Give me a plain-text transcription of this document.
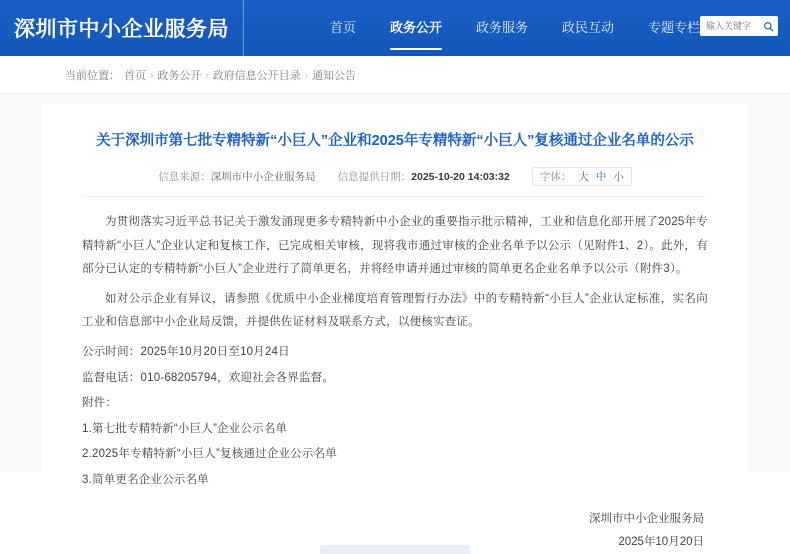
深圳市中小企业服务局	首页	政务公开	政务服务	政民互动	专题专栏
输入关键字
当前位置： 首页 › 政务公开 › 政府信息公开目录 › 通知公告
关于深圳市第七批专精特新“小巨人”企业和2025年专精特新“小巨人”复核通过企业名单的公示
信息来源：深圳市中小企业服务局 信息提供日期：2025-10-20 14:03:32	字体： 大 中 小

为贯彻落实习近平总书记关于激发涌现更多专精特新中小企业的重要指示批示精神，工业和信息化部开展了2025年专精特新“小巨人”企业认定和复核工作，已完成相关审核，现将我市通过审核的企业名单予以公示（见附件1、2）。此外，有部分已认定的专精特新“小巨人”企业进行了简单更名，并将经申请并通过审核的简单更名企业名单予以公示（附件3）。

如对公示企业有异议，请参照《优质中小企业梯度培育管理暂行办法》中的专精特新“小巨人”企业认定标准，实名向工业和信息部中小企业局反馈，并提供佐证材料及联系方式，以便核实查证。

公示时间：2025年10月20日至10月24日

监督电话：010-68205794，欢迎社会各界监督。

附件：

1.第七批专精特新“小巨人”企业公示名单

2.2025年专精特新“小巨人”复核通过企业公示名单

3.简单更名企业公示名单

深圳市中小企业服务局
2025年10月20日
